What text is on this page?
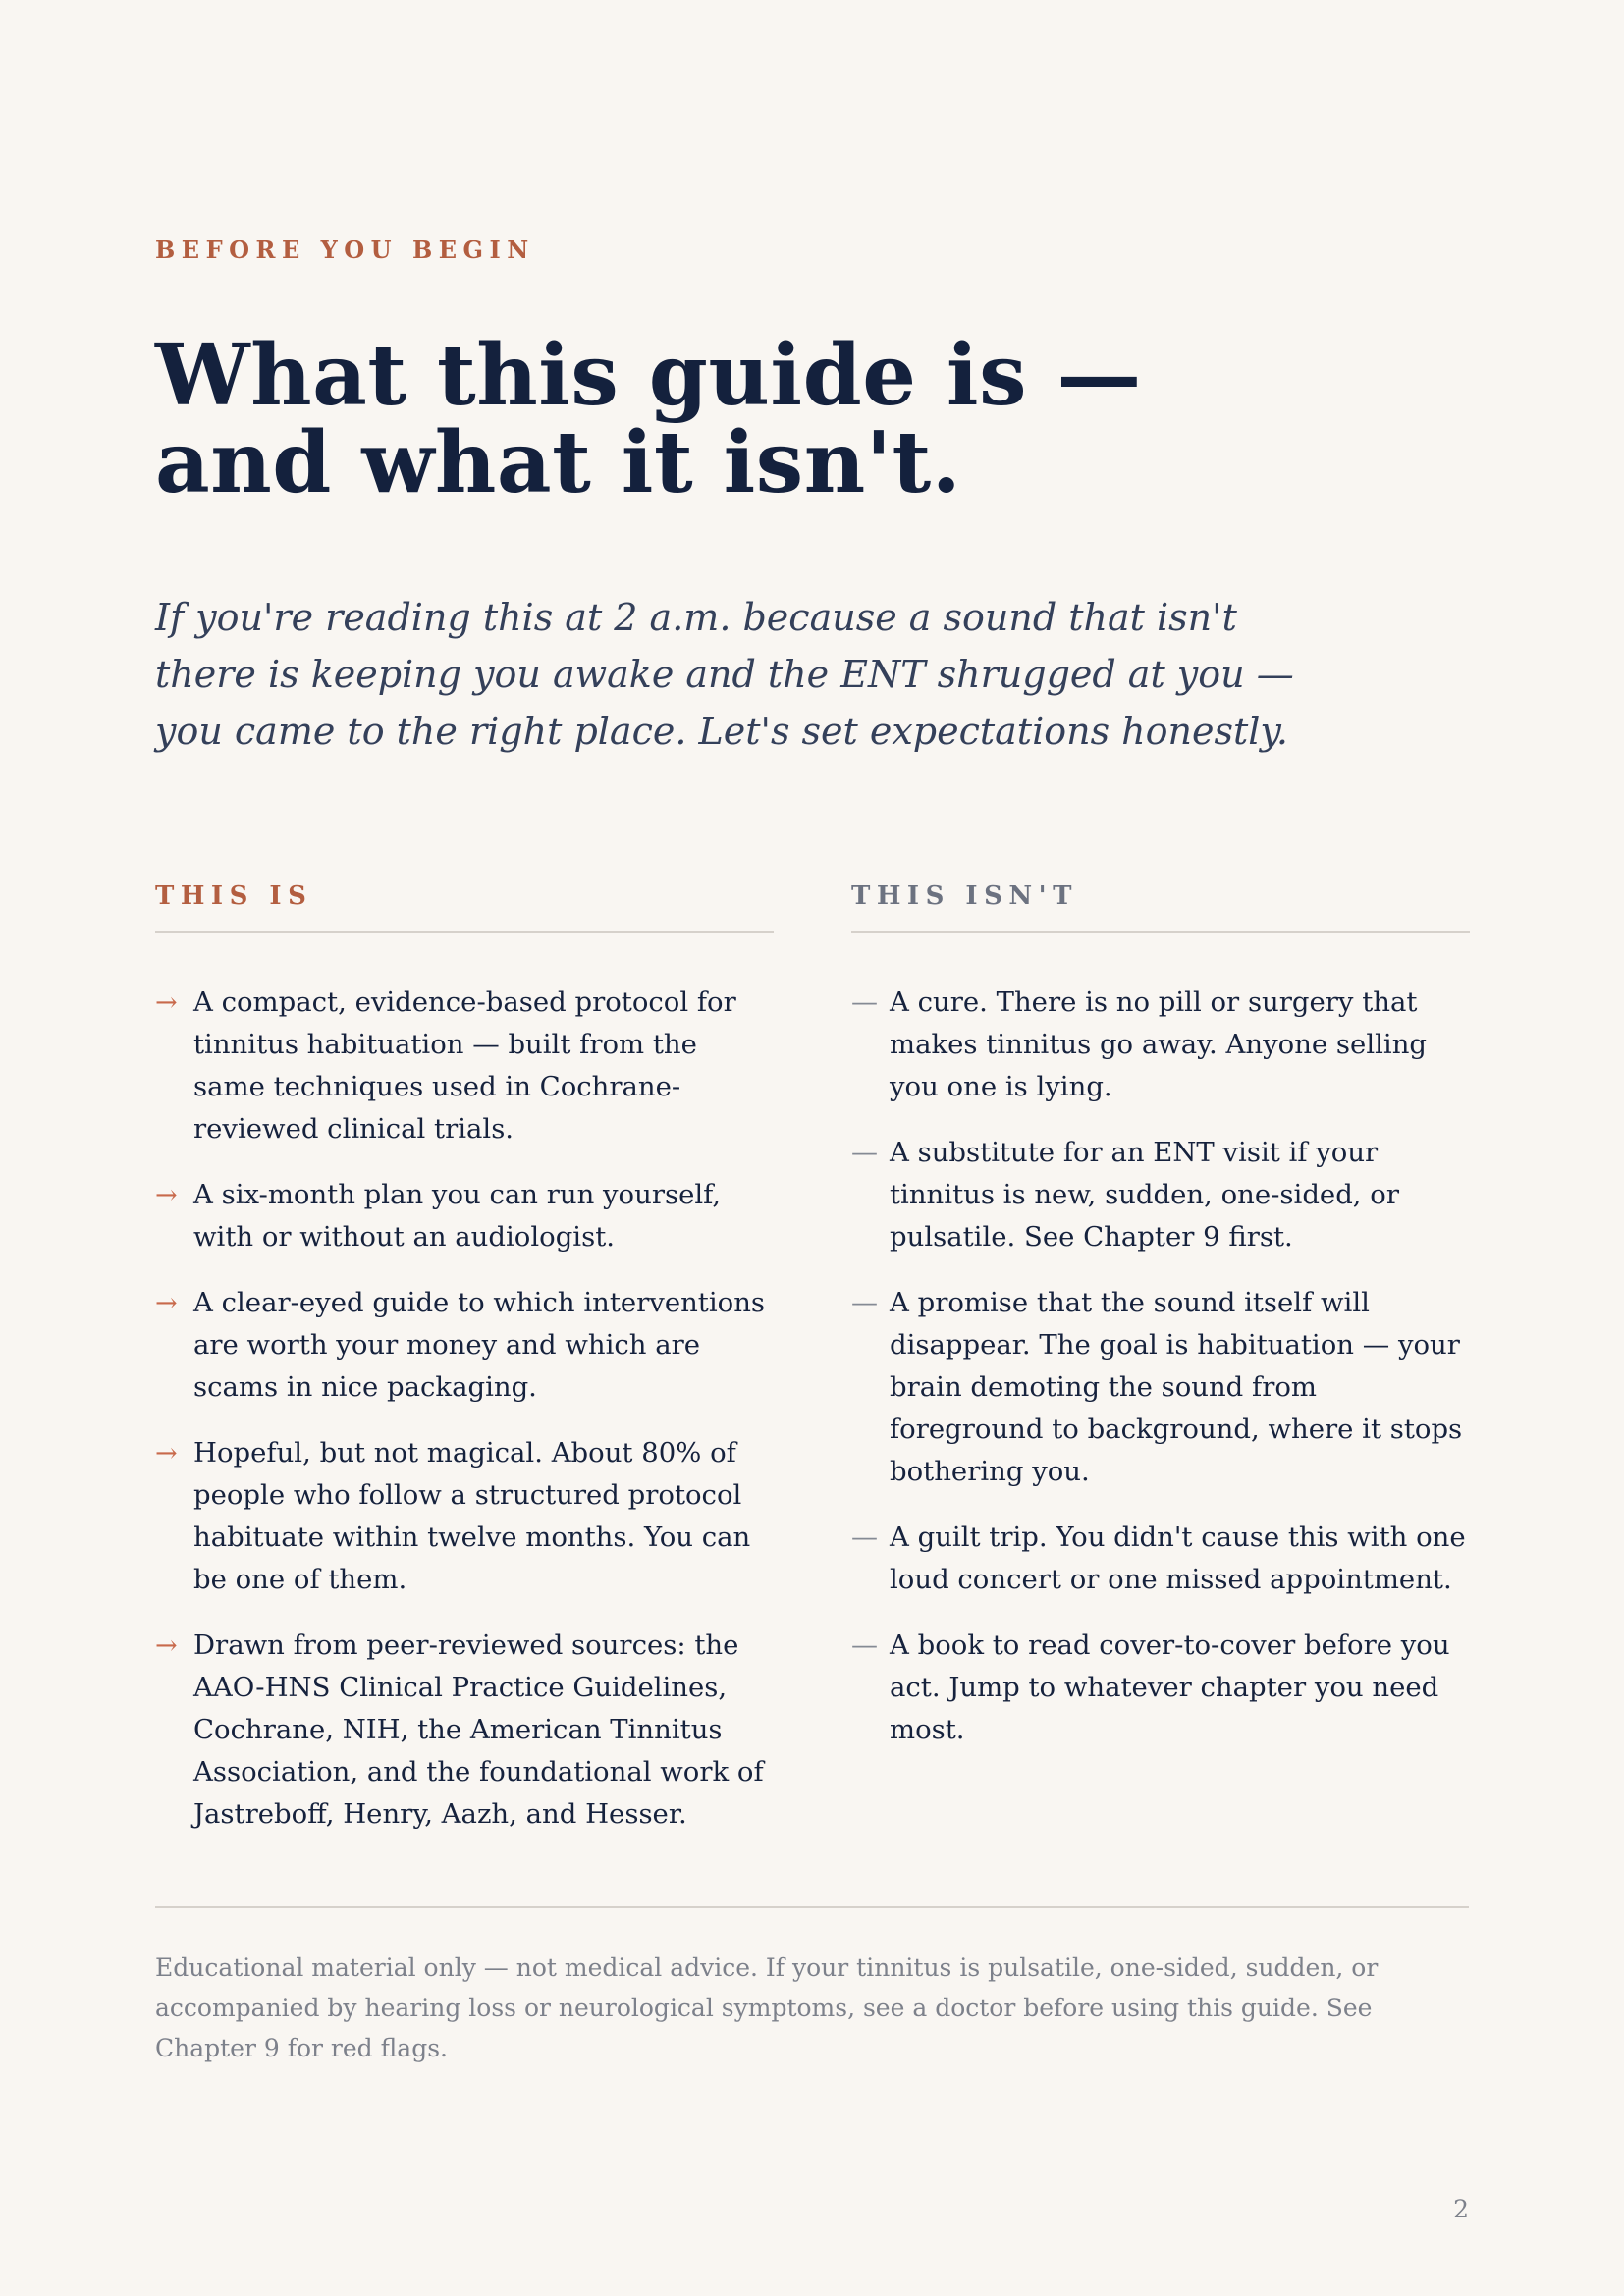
BEFORE YOU BEGIN

What this guide is —
and what it isn't.

If you're reading this at 2 a.m. because a sound that isn't there is keeping you awake and the ENT shrugged at you — you came to the right place. Let's set expectations honestly.

THIS IS
→ A compact, evidence-based protocol for tinnitus habituation — built from the same techniques used in Cochrane-reviewed clinical trials.
→ A six-month plan you can run yourself, with or without an audiologist.
→ A clear-eyed guide to which interventions are worth your money and which are scams in nice packaging.
→ Hopeful, but not magical. About 80% of people who follow a structured protocol habituate within twelve months. You can be one of them.
→ Drawn from peer-reviewed sources: the AAO-HNS Clinical Practice Guidelines, Cochrane, NIH, the American Tinnitus Association, and the foundational work of Jastreboff, Henry, Aazh, and Hesser.
THIS ISN'T
— A cure. There is no pill or surgery that makes tinnitus go away. Anyone selling you one is lying.
— A substitute for an ENT visit if your tinnitus is new, sudden, one-sided, or pulsatile. See Chapter 9 first.
— A promise that the sound itself will disappear. The goal is habituation — your brain demoting the sound from foreground to background, where it stops bothering you.
— A guilt trip. You didn't cause this with one loud concert or one missed appointment.
— A book to read cover-to-cover before you act. Jump to whatever chapter you need most.

Educational material only — not medical advice. If your tinnitus is pulsatile, one-sided, sudden, or accompanied by hearing loss or neurological symptoms, see a doctor before using this guide. See Chapter 9 for red flags.

2
